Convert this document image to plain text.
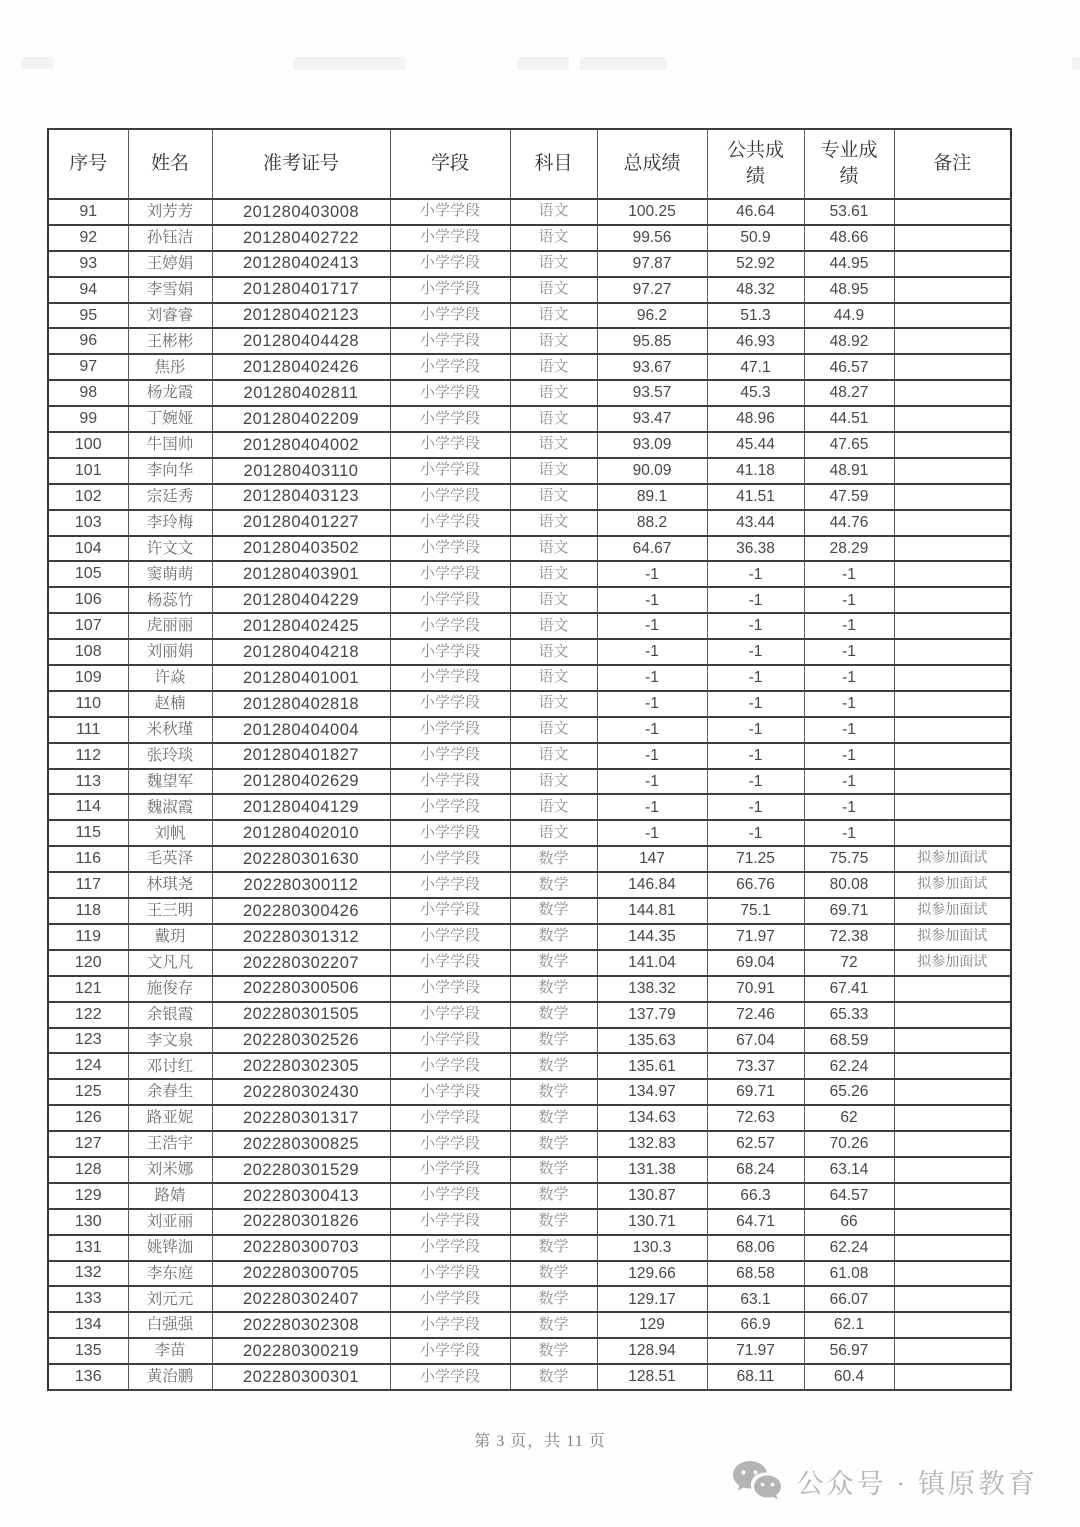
序号	姓名	准考证号	学段	科目	总成绩	公共成绩	专业成绩	备注
91	刘芳芳	201280403008	小学学段	语文	100.25	46.64	53.61	
92	孙钰洁	201280402722	小学学段	语文	99.56	50.9	48.66	
93	王婷娟	201280402413	小学学段	语文	97.87	52.92	44.95	
94	李雪娟	201280401717	小学学段	语文	97.27	48.32	48.95	
95	刘睿睿	201280402123	小学学段	语文	96.2	51.3	44.9	
96	王彬彬	201280404428	小学学段	语文	95.85	46.93	48.92	
97	焦彤	201280402426	小学学段	语文	93.67	47.1	46.57	
98	杨龙霞	201280402811	小学学段	语文	93.57	45.3	48.27	
99	丁婉娅	201280402209	小学学段	语文	93.47	48.96	44.51	
100	牛国帅	201280404002	小学学段	语文	93.09	45.44	47.65	
101	李向华	201280403110	小学学段	语文	90.09	41.18	48.91	
102	宗廷秀	201280403123	小学学段	语文	89.1	41.51	47.59	
103	李玲梅	201280401227	小学学段	语文	88.2	43.44	44.76	
104	许文文	201280403502	小学学段	语文	64.67	36.38	28.29	
105	窦萌萌	201280403901	小学学段	语文	-1	-1	-1	
106	杨蕊竹	201280404229	小学学段	语文	-1	-1	-1	
107	虎丽丽	201280402425	小学学段	语文	-1	-1	-1	
108	刘丽娟	201280404218	小学学段	语文	-1	-1	-1	
109	许焱	201280401001	小学学段	语文	-1	-1	-1	
110	赵楠	201280402818	小学学段	语文	-1	-1	-1	
111	米秋瑾	201280404004	小学学段	语文	-1	-1	-1	
112	张玲琰	201280401827	小学学段	语文	-1	-1	-1	
113	魏望军	201280402629	小学学段	语文	-1	-1	-1	
114	魏淑霞	201280404129	小学学段	语文	-1	-1	-1	
115	刘帆	201280402010	小学学段	语文	-1	-1	-1	
116	毛英泽	202280301630	小学学段	数学	147	71.25	75.75	拟参加面试
117	林琪尧	202280300112	小学学段	数学	146.84	66.76	80.08	拟参加面试
118	王三明	202280300426	小学学段	数学	144.81	75.1	69.71	拟参加面试
119	戴玥	202280301312	小学学段	数学	144.35	71.97	72.38	拟参加面试
120	文凡凡	202280302207	小学学段	数学	141.04	69.04	72	拟参加面试
121	施俊存	202280300506	小学学段	数学	138.32	70.91	67.41	
122	余银霞	202280301505	小学学段	数学	137.79	72.46	65.33	
123	李文泉	202280302526	小学学段	数学	135.63	67.04	68.59	
124	邓讨红	202280302305	小学学段	数学	135.61	73.37	62.24	
125	余春生	202280302430	小学学段	数学	134.97	69.71	65.26	
126	路亚妮	202280301317	小学学段	数学	134.63	72.63	62	
127	王浩宇	202280300825	小学学段	数学	132.83	62.57	70.26	
128	刘米娜	202280301529	小学学段	数学	131.38	68.24	63.14	
129	路婧	202280300413	小学学段	数学	130.87	66.3	64.57	
130	刘亚丽	202280301826	小学学段	数学	130.71	64.71	66	
131	姚铧泇	202280300703	小学学段	数学	130.3	68.06	62.24	
132	李东庭	202280300705	小学学段	数学	129.66	68.58	61.08	
133	刘元元	202280302407	小学学段	数学	129.17	63.1	66.07	
134	白强强	202280302308	小学学段	数学	129	66.9	62.1	
135	李苗	202280300219	小学学段	数学	128.94	71.97	56.97	
136	黄治鹏	202280300301	小学学段	数学	128.51	68.11	60.4	
第 3 页，共 11 页
公众号 · 镇原教育
